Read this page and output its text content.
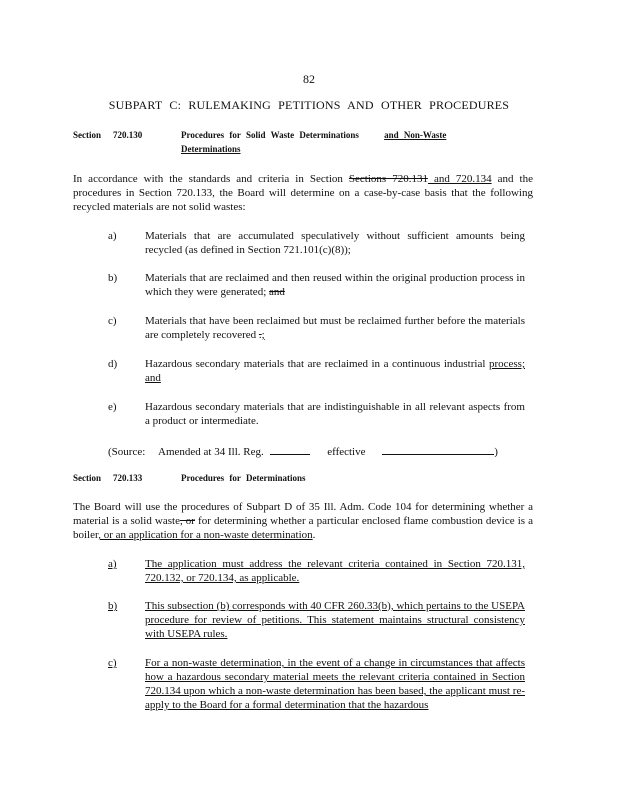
82
SUBPART C: RULEMAKING PETITIONS AND OTHER PROCEDURES
Section 720.130	Procedures for Solid Waste Determinations	and Non-Waste
Determinations
In accordance with the standards and criteria in Section Sections 720.131 and 720.134 and the procedures in Section 720.133, the Board will determine on a case-by-case basis that the following recycled materials are not solid wastes:
a)	Materials that are accumulated speculatively without sufficient amounts being recycled (as defined in Section 721.101(c)(8));
b)	Materials that are reclaimed and then reused within the original production process in which they were generated; and
c)	Materials that have been reclaimed but must be reclaimed further before the materials are completely recovered .;
d)	Hazardous secondary materials that are reclaimed in a continuous industrial process; and
e)	Hazardous secondary materials that are indistinguishable in all relevant aspects from a product or intermediate.
(Source: Amended at 34 Ill. Reg.	effective	)
Section 720.133	Procedures for Determinations
The Board will use the procedures of Subpart D of 35 Ill. Adm. Code 104 for determining whether a material is a solid waste, or for determining whether a particular enclosed flame combustion device is a boiler, or an application for a non-waste determination.
a)	The application must address the relevant criteria contained in Section 720.131, 720.132, or 720.134, as applicable.
b)	This subsection (b) corresponds with 40 CFR 260.33(b), which pertains to the USEPA procedure for review of petitions. This statement maintains structural consistency with USEPA rules.
c)	For a non-waste determination, in the event of a change in circumstances that affects how a hazardous secondary material meets the relevant criteria contained in Section 720.134 upon which a non-waste determination has been based, the applicant must re-apply to the Board for a formal determination that the hazardous
